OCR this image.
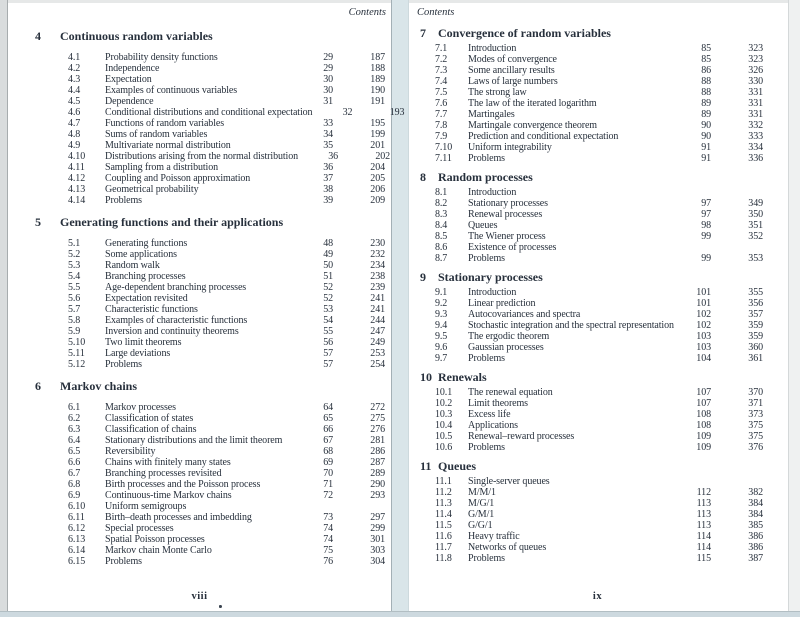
Contents
4	Continuous random variables
4.1	Probability density functions	29	187
4.2	Independence	29	188
4.3	Expectation	30	189
4.4	Examples of continuous variables	30	190
4.5	Dependence	31	191
4.6	Conditional distributions and conditional expectation	32	193
4.7	Functions of random variables	33	195
4.8	Sums of random variables	34	199
4.9	Multivariate normal distribution	35	201
4.10	Distributions arising from the normal distribution	36	202
4.11	Sampling from a distribution	36	204
4.12	Coupling and Poisson approximation	37	205
4.13	Geometrical probability	38	206
4.14	Problems	39	209
5	Generating functions and their applications
5.1	Generating functions	48	230
5.2	Some applications	49	232
5.3	Random walk	50	234
5.4	Branching processes	51	238
5.5	Age-dependent branching processes	52	239
5.6	Expectation revisited	52	241
5.7	Characteristic functions	53	241
5.8	Examples of characteristic functions	54	244
5.9	Inversion and continuity theorems	55	247
5.10	Two limit theorems	56	249
5.11	Large deviations	57	253
5.12	Problems	57	254
6	Markov chains
6.1	Markov processes	64	272
6.2	Classification of states	65	275
6.3	Classification of chains	66	276
6.4	Stationary distributions and the limit theorem	67	281
6.5	Reversibility	68	286
6.6	Chains with finitely many states	69	287
6.7	Branching processes revisited	70	289
6.8	Birth processes and the Poisson process	71	290
6.9	Continuous-time Markov chains	72	293
6.10	Uniform semigroups
6.11	Birth–death processes and imbedding	73	297
6.12	Special processes	74	299
6.13	Spatial Poisson processes	74	301
6.14	Markov chain Monte Carlo	75	303
6.15	Problems	76	304
viii
Contents
7	Convergence of random variables
7.1	Introduction	85	323
7.2	Modes of convergence	85	323
7.3	Some ancillary results	86	326
7.4	Laws of large numbers	88	330
7.5	The strong law	88	331
7.6	The law of the iterated logarithm	89	331
7.7	Martingales	89	331
7.8	Martingale convergence theorem	90	332
7.9	Prediction and conditional expectation	90	333
7.10	Uniform integrability	91	334
7.11	Problems	91	336
8	Random processes
8.1	Introduction
8.2	Stationary processes	97	349
8.3	Renewal processes	97	350
8.4	Queues	98	351
8.5	The Wiener process	99	352
8.6	Existence of processes
8.7	Problems	99	353
9	Stationary processes
9.1	Introduction	101	355
9.2	Linear prediction	101	356
9.3	Autocovariances and spectra	102	357
9.4	Stochastic integration and the spectral representation	102	359
9.5	The ergodic theorem	103	359
9.6	Gaussian processes	103	360
9.7	Problems	104	361
10 Renewals
10.1	The renewal equation	107	370
10.2	Limit theorems	107	371
10.3	Excess life	108	373
10.4	Applications	108	375
10.5	Renewal–reward processes	109	375
10.6	Problems	109	376
11 Queues
11.1	Single-server queues
11.2	M/M/1	112	382
11.3	M/G/1	113	384
11.4	G/M/1	113	384
11.5	G/G/1	113	385
11.6	Heavy traffic	114	386
11.7	Networks of queues	114	386
11.8	Problems	115	387
ix
